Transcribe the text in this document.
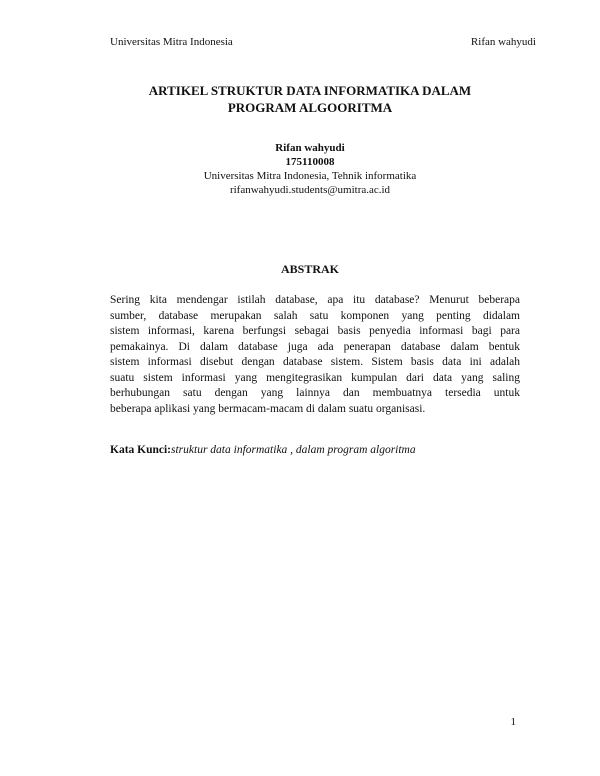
Universitas Mitra Indonesia	Rifan wahyudi
ARTIKEL STRUKTUR DATA INFORMATIKA DALAM
PROGRAM ALGOORITMA
Rifan wahyudi
175110008
Universitas Mitra Indonesia, Tehnik informatika
rifanwahyudi.students@umitra.ac.id
ABSTRAK
Sering kita mendengar istilah database, apa itu database? Menurut beberapa
sumber, database merupakan salah satu komponen yang penting didalam
sistem informasi, karena berfungsi sebagai basis penyedia informasi bagi para
pemakainya. Di dalam database juga ada penerapan database dalam bentuk
sistem informasi disebut dengan database sistem. Sistem basis data ini adalah
suatu sistem informasi yang mengitegrasikan kumpulan dari data yang saling
berhubungan satu dengan yang lainnya dan membuatnya tersedia untuk
beberapa aplikasi yang bermacam-macam di dalam suatu organisasi.
Kata Kunci:struktur data informatika , dalam program algoritma
1
